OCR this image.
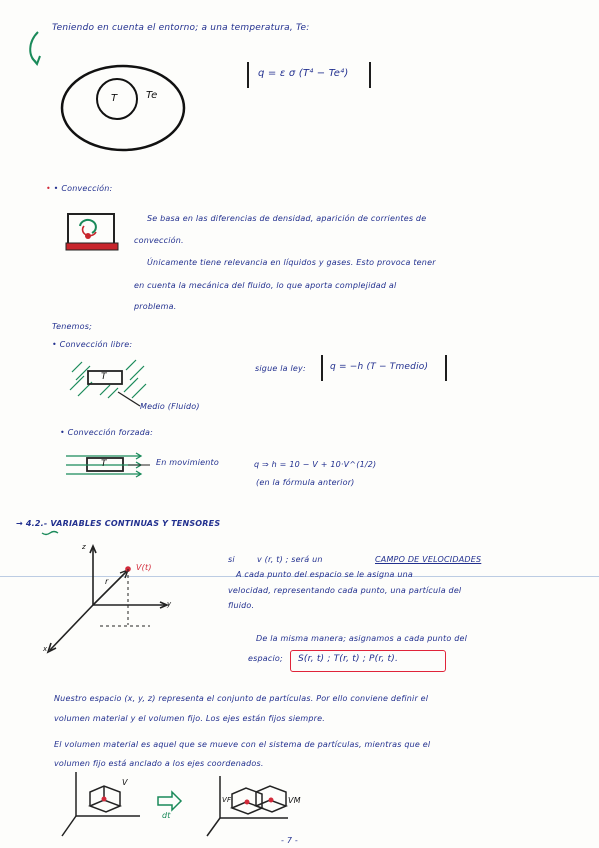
Teniendo en cuenta el entorno; a una temperatura, Te:
q = ε σ (T⁴ − Te⁴)
T	Te
• • Convección:
Se basa en las diferencias de densidad, aparición de corrientes de
convección.
Únicamente tiene relevancia en líquidos y gases. Esto provoca tener
en cuenta la mecánica del fluido, lo que aporta complejidad al
problema.
Tenemos;
• Convección libre:
sigue la ley:	q = −h (T − Tmedio)
T
Medio (Fluido)
• Convección forzada:
T	En movimiento	q ⇒ h = 10 − V + 10·V^(1/2)
(en la fórmula anterior)
→ 4.2.- VARIABLES CONTINUAS Y TENSORES
z
y
x
V(t)
r
si	v (r, t) ; será un	CAMPO DE VELOCIDADES
A cada punto del espacio se le asigna una
velocidad, representando cada punto, una partícula del
fluido.
De la misma manera; asignamos a cada punto del
espacio; S(r, t) ; T(r, t) ; P(r, t).
Nuestro espacio (x, y, z) representa el conjunto de partículas. Por ello conviene definir el
volumen material y el volumen fijo. Los ejes están fijos siempre.
El volumen material es aquel que se mueve con el sistema de partículas, mientras que el
volumen fijo está anclado a los ejes coordenados.
V
dt
VF	VM
- 7 -
